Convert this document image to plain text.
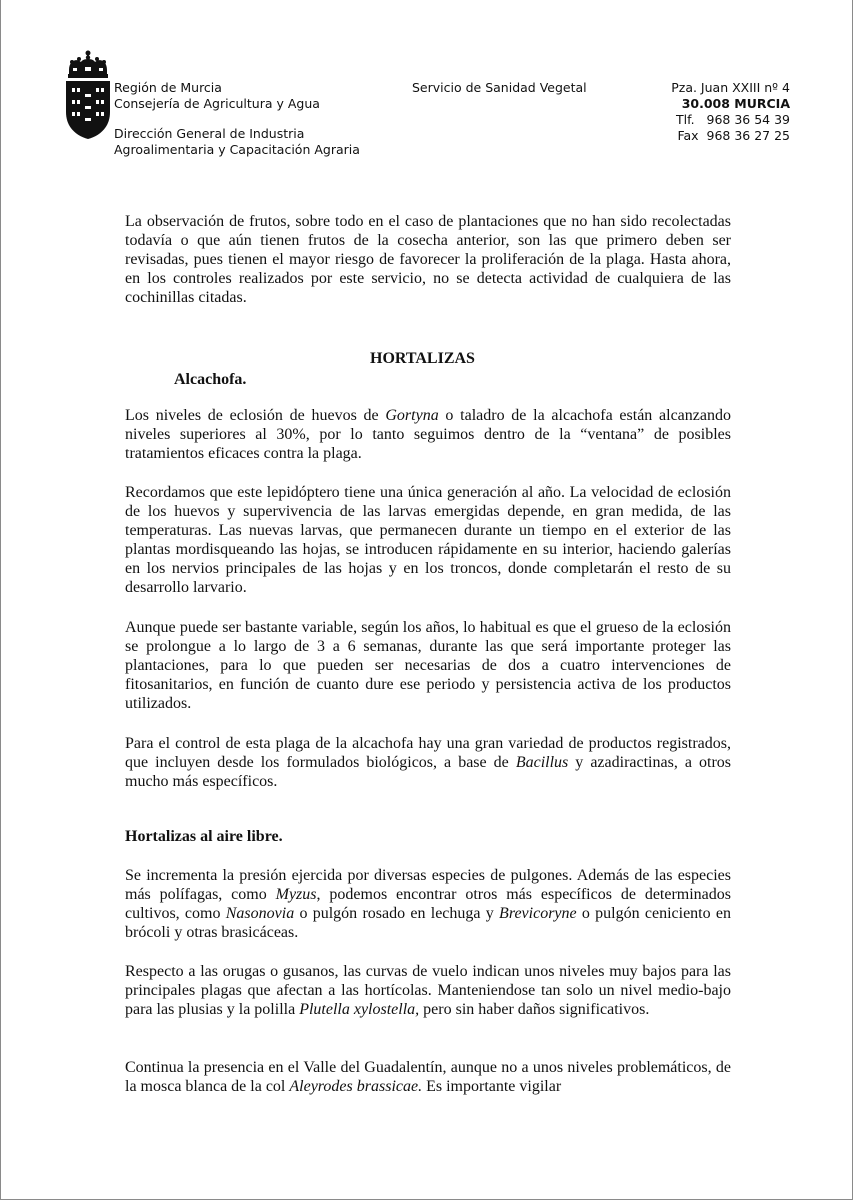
Región de Murcia
Consejería de Agricultura y Agua
Dirección General de Industria
Agroalimentaria y Capacitación Agraria
Servicio de Sanidad Vegetal	Pza. Juan XXIII nº 4
30.008 MURCIA
Tlf.   968 36 54 39
Fax  968 36 27 25

La observación de frutos, sobre todo en el caso de plantaciones que no han sido recolectadas todavía o que aún tienen frutos de la cosecha anterior, son las que primero deben ser revisadas, pues tienen el mayor riesgo de favorecer la proliferación de la plaga. Hasta ahora, en los controles realizados por este servicio, no se detecta actividad de cualquiera de las cochinillas citadas.

HORTALIZAS
Alcachofa.

Los niveles de eclosión de huevos de Gortyna o taladro de la alcachofa están alcanzando niveles superiores al 30%, por lo tanto seguimos dentro de la “ventana” de posibles tratamientos eficaces contra la plaga.

Recordamos que este lepidóptero tiene una única generación al año. La velocidad de eclosión de los huevos y supervivencia de las larvas emergidas depende, en gran medida, de las temperaturas. Las nuevas larvas, que permanecen durante un tiempo en el exterior de las plantas mordisqueando las hojas, se introducen rápidamente en su interior, haciendo galerías en los nervios principales de las hojas y en los troncos, donde completarán el resto de su desarrollo larvario.

Aunque puede ser bastante variable, según los años, lo habitual es que el grueso de la eclosión se prolongue a lo largo de 3 a 6 semanas, durante las que será importante proteger las plantaciones, para lo que pueden ser necesarias de dos a cuatro intervenciones de fitosanitarios, en función de cuanto dure ese periodo y persistencia activa de los productos utilizados.

Para el control de esta plaga de la alcachofa hay una gran variedad de productos registrados, que incluyen desde los formulados biológicos, a base de Bacillus y azadiractinas, a otros mucho más específicos.

Hortalizas al aire libre.

Se incrementa la presión ejercida por diversas especies de pulgones. Además de las especies más polífagas, como Myzus, podemos encontrar otros más específicos de determinados cultivos, como Nasonovia o pulgón rosado en lechuga y Brevicoryne o pulgón ceniciento en brócoli y otras brasicáceas.

Respecto a las orugas o gusanos, las curvas de vuelo indican unos niveles muy bajos para las principales plagas que afectan a las hortícolas. Manteniendose tan solo un nivel medio-bajo para las plusias y la polilla Plutella xylostella, pero sin haber daños significativos.

Continua la presencia en el Valle del Guadalentín, aunque no a unos niveles problemáticos, de la mosca blanca de la col Aleyrodes brassicae. Es importante vigilar
